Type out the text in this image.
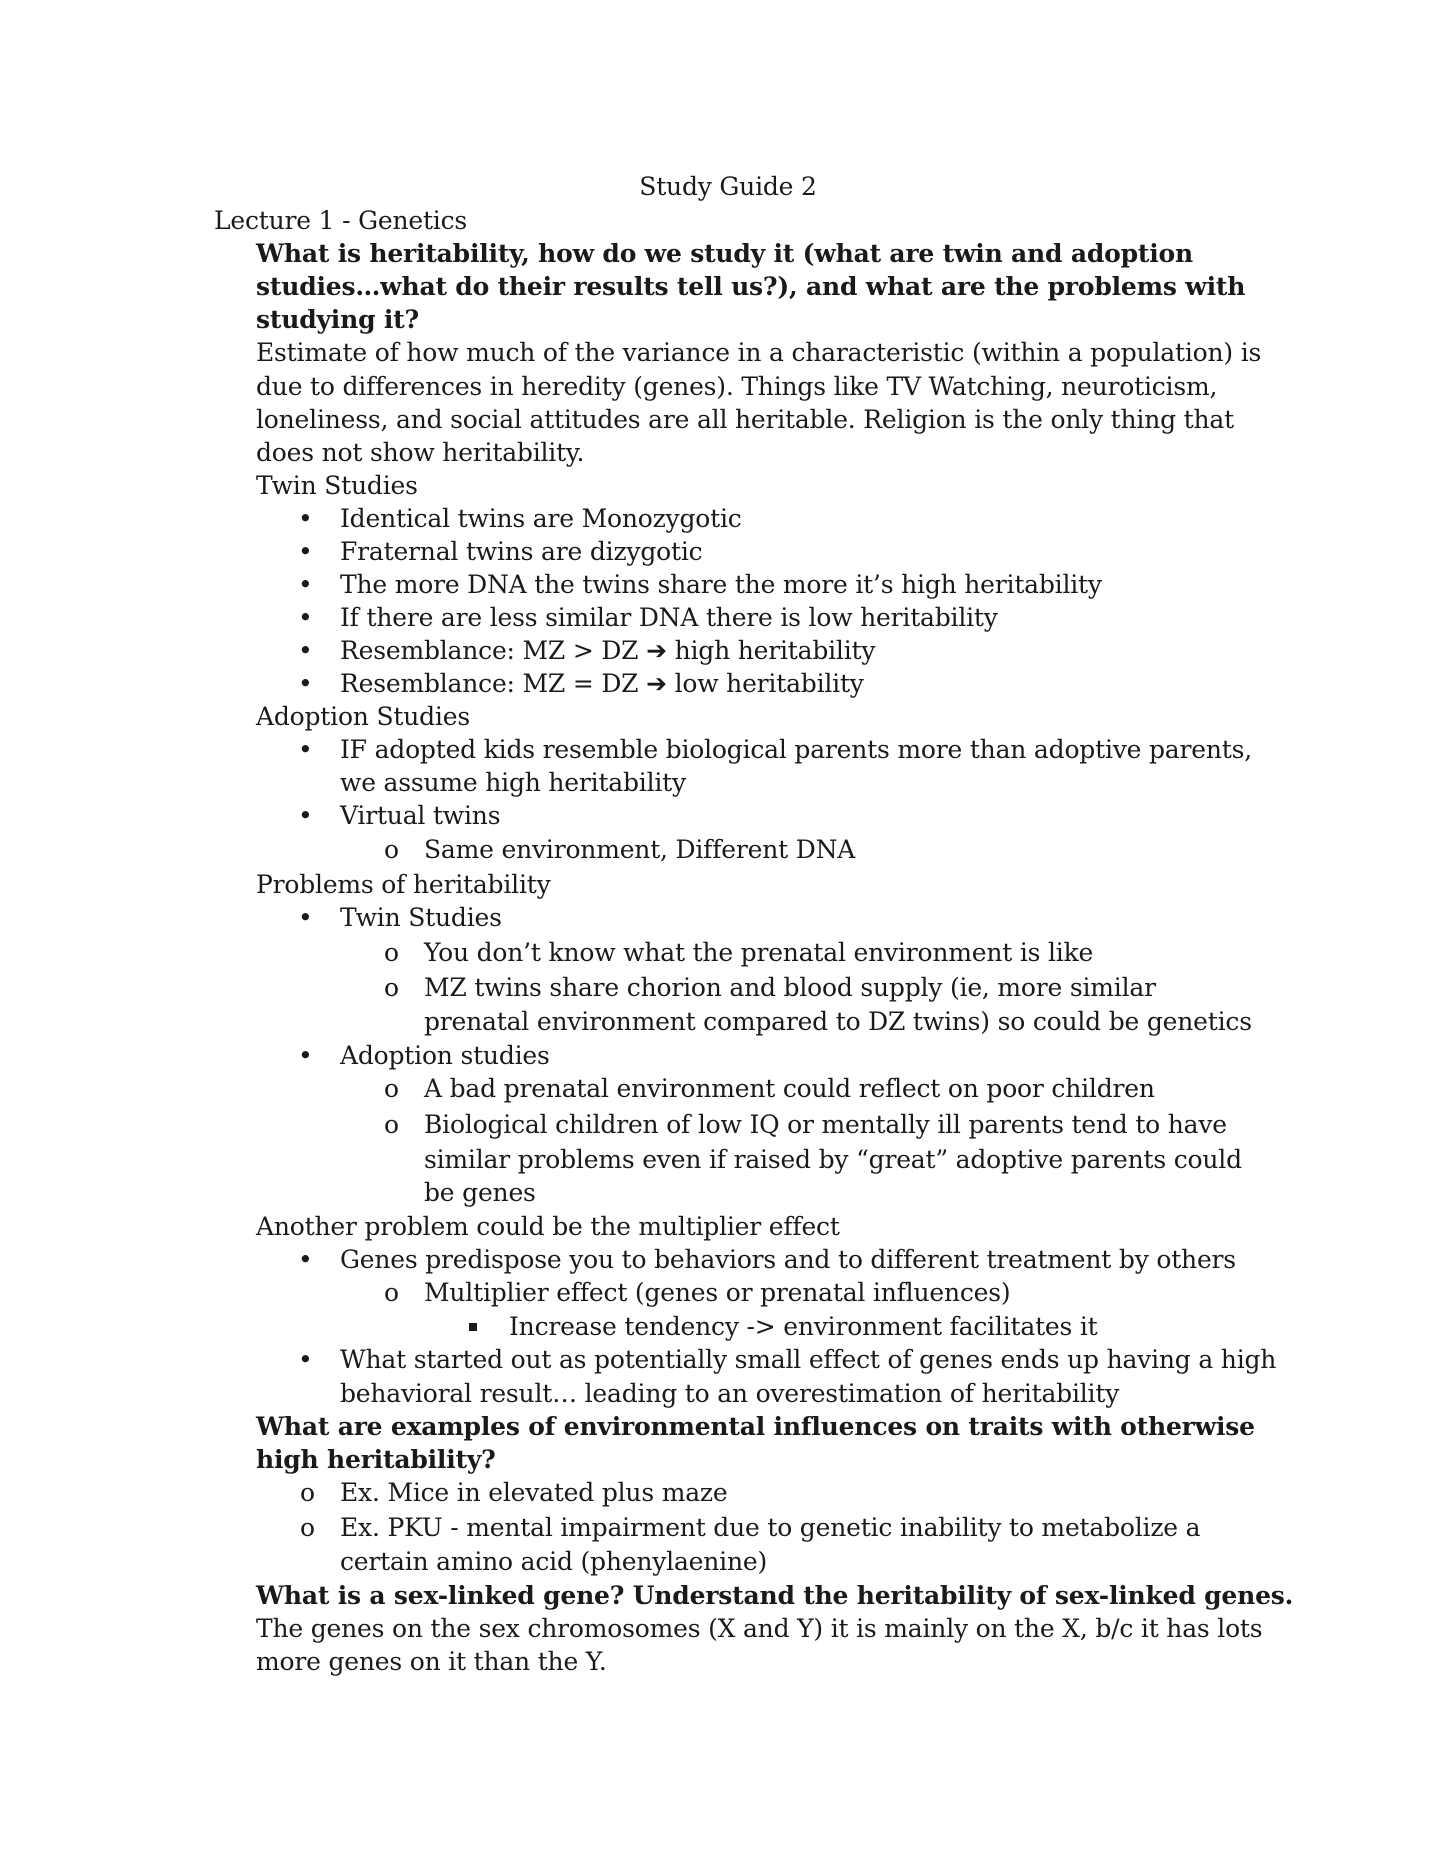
Study Guide 2
Lecture 1 - Genetics
What is heritability, how do we study it (what are twin and adoption
studies…what do their results tell us?), and what are the problems with
studying it?
Estimate of how much of the variance in a characteristic (within a population) is
due to differences in heredity (genes). Things like TV Watching, neuroticism,
loneliness, and social attitudes are all heritable. Religion is the only thing that
does not show heritability.
Twin Studies
• Identical twins are Monozygotic
• Fraternal twins are dizygotic
• The more DNA the twins share the more it’s high heritability
• If there are less similar DNA there is low heritability
• Resemblance: MZ > DZ ➔ high heritability
• Resemblance: MZ = DZ ➔ low heritability
Adoption Studies
• IF adopted kids resemble biological parents more than adoptive parents,
we assume high heritability
• Virtual twins
o Same environment, Different DNA
Problems of heritability
• Twin Studies
o You don’t know what the prenatal environment is like
o MZ twins share chorion and blood supply (ie, more similar
prenatal environment compared to DZ twins) so could be genetics
• Adoption studies
o A bad prenatal environment could reflect on poor children
o Biological children of low IQ or mentally ill parents tend to have
similar problems even if raised by “great” adoptive parents could
be genes
Another problem could be the multiplier effect
• Genes predispose you to behaviors and to different treatment by others
o Multiplier effect (genes or prenatal influences)
Increase tendency -> environment facilitates it
• What started out as potentially small effect of genes ends up having a high
behavioral result… leading to an overestimation of heritability
What are examples of environmental influences on traits with otherwise
high heritability?
o Ex. Mice in elevated plus maze
o Ex. PKU - mental impairment due to genetic inability to metabolize a
certain amino acid (phenylaenine)
What is a sex-linked gene? Understand the heritability of sex-linked genes.
The genes on the sex chromosomes (X and Y) it is mainly on the X, b/c it has lots
more genes on it than the Y.
